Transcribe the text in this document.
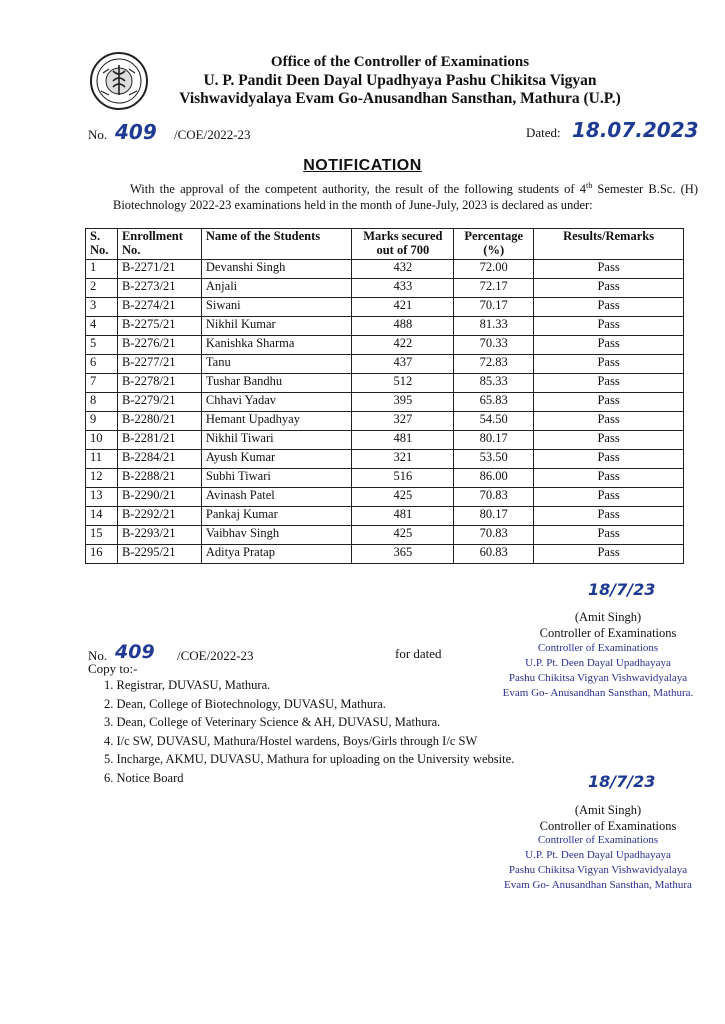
Office of the Controller of Examinations
U. P. Pandit Deen Dayal Upadhyaya Pashu Chikitsa Vigyan
Vishwavidyalaya Evam Go-Anusandhan Sansthan, Mathura (U.P.)
No. 409 /COE/2022-23	Dated: 18.07.2023
NOTIFICATION
With the approval of the competent authority, the result of the following students of 4th Semester B.Sc. (H) Biotechnology 2022-23 examinations held in the month of June-July, 2023 is declared as under:
S. No.	Enrollment No.	Name of the Students	Marks secured out of 700	Percentage (%)	Results/Remarks
1	B-2271/21	Devanshi Singh	432	72.00	Pass
2	B-2273/21	Anjali	433	72.17	Pass
3	B-2274/21	Siwani	421	70.17	Pass
4	B-2275/21	Nikhil Kumar	488	81.33	Pass
5	B-2276/21	Kanishka Sharma	422	70.33	Pass
6	B-2277/21	Tanu	437	72.83	Pass
7	B-2278/21	Tushar Bandhu	512	85.33	Pass
8	B-2279/21	Chhavi Yadav	395	65.83	Pass
9	B-2280/21	Hemant Upadhyay	327	54.50	Pass
10	B-2281/21	Nikhil Tiwari	481	80.17	Pass
11	B-2284/21	Ayush Kumar	321	53.50	Pass
12	B-2288/21	Subhi Tiwari	516	86.00	Pass
13	B-2290/21	Avinash Patel	425	70.83	Pass
14	B-2292/21	Pankaj Kumar	481	80.17	Pass
15	B-2293/21	Vaibhav Singh	425	70.83	Pass
16	B-2295/21	Aditya Pratap	365	60.83	Pass
18/7/23
(Amit Singh)
Controller of Examinations
Controller of Examinations
U.P. Pt. Deen Dayal Upadhayaya
Pashu Chikitsa Vigyan Vishwavidyalaya
Evam Go- Anusandhan Sansthan, Mathura.
No. 409 /COE/2022-23	for dated
Copy to:-
1. Registrar, DUVASU, Mathura.
2. Dean, College of Biotechnology, DUVASU, Mathura.
3. Dean, College of Veterinary Science & AH, DUVASU, Mathura.
4. I/c SW, DUVASU, Mathura/Hostel wardens, Boys/Girls through I/c SW
5. Incharge, AKMU, DUVASU, Mathura for uploading on the University website.
6. Notice Board	18/7/23
(Amit Singh)
Controller of Examinations
Controller of Examinations
U.P. Pt. Deen Dayal Upadhayaya
Pashu Chikitsa Vigyan Vishwavidyalaya
Evam Go- Anusandhan Sansthan, Mathura
